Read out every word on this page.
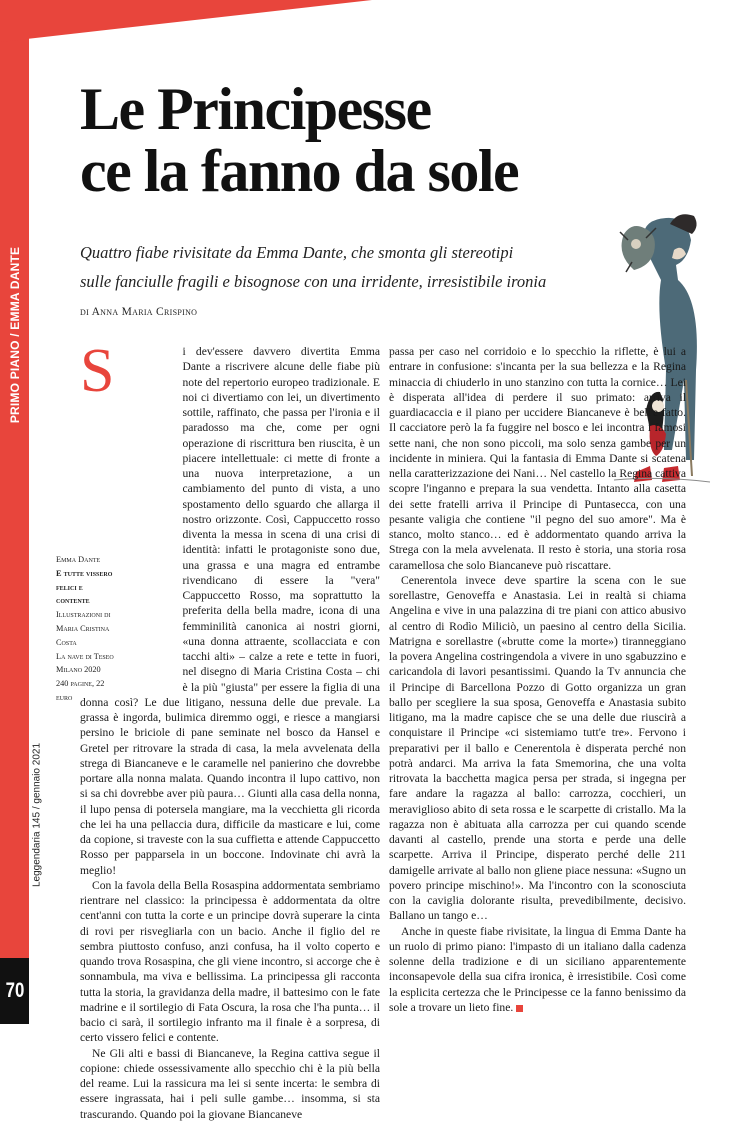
PRIMO PIANO / EMMA DANTE
Leggendaria 145 / gennaio 2021
70
Le Principesse
ce la fanno da sole
Quattro fiabe rivisitate da Emma Dante, che smonta gli stereotipi
sulle fanciulle fragili e bisognose con una irridente, irresistibile ironia
di Anna Maria Crispino

S	i dev'essere davvero divertita Emma Dante a riscrivere alcune delle fiabe più note del repertorio europeo tradizionale. E noi ci divertiamo con lei, un divertimento sottile, raffinato, che passa per l'ironia e il paradosso ma che, come per ogni operazione di riscrittura ben riuscita, è un piacere intellettuale: ci mette di fronte a una nuova interpretazione, a un cambiamento del punto di vista, a uno spostamento dello sguardo che allarga il nostro orizzonte. Così, Cappuccetto rosso diventa la messa in scena di una crisi di identità: infatti le protagoniste sono due, una grassa e una magra ed entrambe rivendicano di essere la "vera" Cappuccetto Rosso, ma soprattutto la preferita della bella madre, icona di una femminilità canonica ai nostri giorni, «una donna attraente, scollacciata e con tacchi alti» – calze a rete e tette in fuori, nel disegno di Maria Cristina Costa – chi è la più "giusta" per essere la figlia di una donna così? Le due litigano, nessuna delle due prevale. La grassa è ingorda, bulimica diremmo oggi, e riesce a mangiarsi persino le briciole di pane seminate nel bosco da Hansel e Gretel per ritrovare la strada di casa, la mela avvelenata della strega di Biancaneve e le caramelle nel panierino che dovrebbe portare alla nonna malata. Quando incontra il lupo cattivo, non si sa chi dovrebbe aver più paura… Giunti alla casa della nonna, il lupo pensa di potersela mangiare, ma la vecchietta gli ricorda che lei ha una pellaccia dura, difficile da masticare e lui, come da copione, si traveste con la sua cuffietta e attende Cappuccetto Rosso per papparsela in un boccone. Indovinate chi avrà la meglio!

Con la favola della Bella Rosaspina addormentata sembriamo rientrare nel classico: la principessa è addormentata da oltre cent'anni con tutta la corte e un principe dovrà superare la cinta di rovi per risvegliarla con un bacio. Anche il figlio del re sembra piuttosto confuso, anzi confusa, ha il volto coperto e quando trova Rosaspina, che gli viene incontro, si accorge che è sonnambula, ma viva e bellissima. La principessa gli racconta tutta la storia, la gravidanza della madre, il battesimo con le fate madrine e il sortilegio di Fata Oscura, la rosa che l'ha punta… il bacio ci sarà, il sortilegio infranto ma il finale è a sorpresa, di certo vissero felici e contente.

Ne Gli alti e bassi di Biancaneve, la Regina cattiva segue il copione: chiede ossessivamente allo specchio chi è la più bella del reame. Lui la rassicura ma lei si sente incerta: le sembra di essere ingrassata, hai i peli sulle gambe… insomma, si sta trascurando. Quando poi la giovane Biancaneve

passa per caso nel corridoio e lo specchio la riflette, è lui a entrare in confusione: s'incanta per la sua bellezza e la Regina minaccia di chiuderlo in uno stanzino con tutta la cornice… Lei è disperata all'idea di perdere il suo primato: arriva il guardiacaccia e il piano per uccidere Biancaneve è bell'e fatto. Il cacciatore però la fa fuggire nel bosco e lei incontra i famosi sette nani, che non sono piccoli, ma solo senza gambe per un incidente in miniera. Qui la fantasia di Emma Dante si scatena nella caratterizzazione dei Nani… Nel castello la Regina cattiva scopre l'inganno e prepara la sua vendetta. Intanto alla casetta dei sette fratelli arriva il Principe di Puntasecca, con una pesante valigia che contiene "il pegno del suo amore". Ma è stanco, molto stanco… ed è addormentato quando arriva la Strega con la mela avvelenata. Il resto è storia, una storia rosa caramellosa che solo Biancaneve può riscattare.

Cenerentola invece deve spartire la scena con le sue sorellastre, Genoveffa e Anastasia. Lei in realtà si chiama Angelina e vive in una palazzina di tre piani con attico abusivo al centro di Rodìo Miliciò, un paesino al centro della Sicilia. Matrigna e sorellastre («brutte come la morte») tiranneggiano la povera Angelina costringendola a vivere in uno sgabuzzino e caricandola di lavori pesantissimi. Quando la Tv annuncia che il Principe di Barcellona Pozzo di Gotto organizza un gran ballo per scegliere la sua sposa, Genoveffa e Anastasia subito litigano, ma la madre capisce che se una delle due riuscirà a conquistare il Principe «ci sistemiamo tutt'e tre». Fervono i preparativi per il ballo e Cenerentola è disperata perché non potrà andarci. Ma arriva la fata Smemorina, che una volta ritrovata la bacchetta magica persa per strada, si ingegna per fare andare la ragazza al ballo: carrozza, cocchieri, un meraviglioso abito di seta rossa e le scarpette di cristallo. Ma la ragazza non è abituata alla carrozza per cui quando scende davanti al castello, prende una storta e perde una delle scarpette. Arriva il Principe, disperato perché delle 211 damigelle arrivate al ballo non gliene piace nessuna: «Sugno un povero principe mischino!». Ma l'incontro con la sconosciuta con la caviglia dolorante risulta, prevedibilmente, decisivo. Ballano un tango e…

Anche in queste fiabe rivisitate, la lingua di Emma Dante ha un ruolo di primo piano: l'impasto di un italiano dalla cadenza solenne della tradizione e di un siciliano apparentemente inconsapevole della sua cifra ironica, è irresistibile. Così come la esplicita certezza che le Principesse ce la fanno benissimo da sole a trovare un lieto fine.

Emma Dante
E tutte vissero felici e contente
Illustrazioni di Maria Cristina Costa
La nave di Teseo
Milano 2020
240 pagine, 22 euro
